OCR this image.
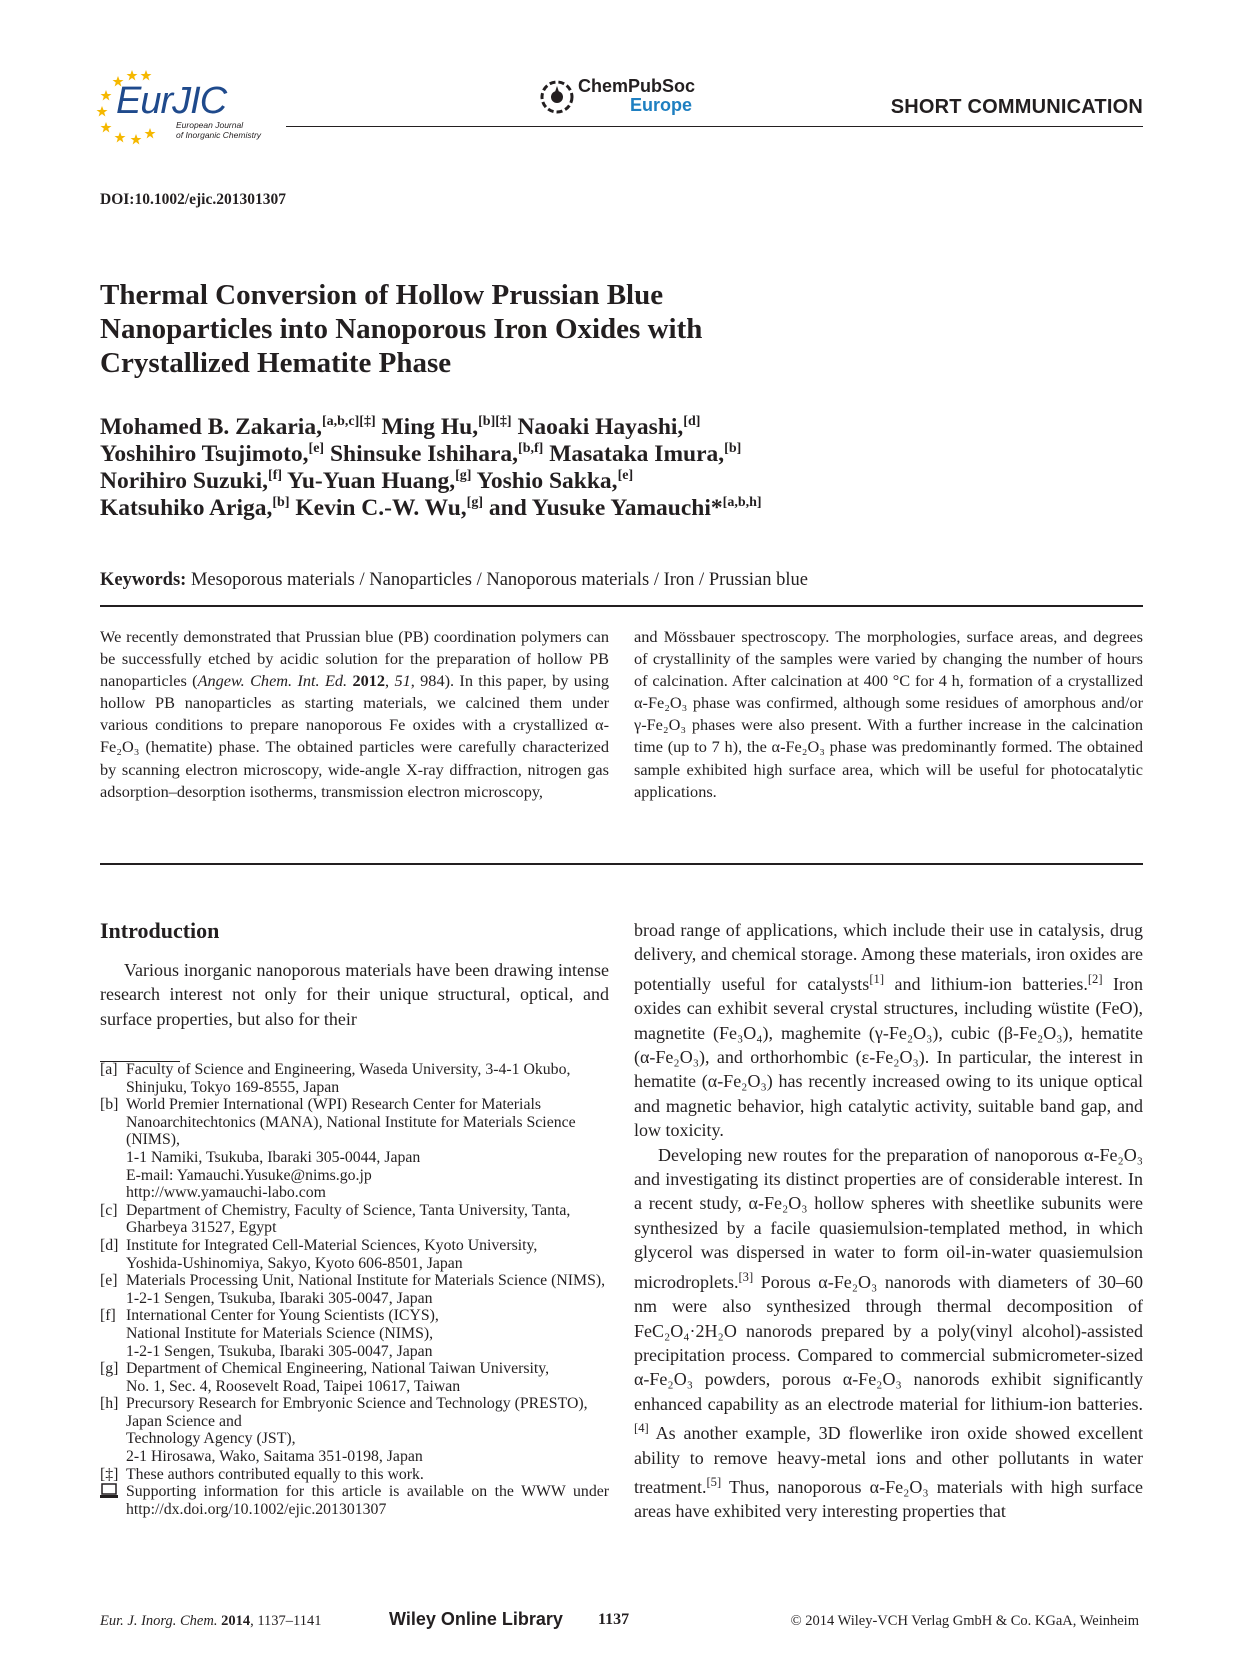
EurJIC
European Journal
of Inorganic Chemistry
ChemPubSoc
Europe	SHORT COMMUNICATION
DOI:10.1002/ejic.201301307
Thermal Conversion of Hollow Prussian Blue Nanoparticles into Nanoporous Iron Oxides with Crystallized Hematite Phase
Mohamed B. Zakaria,[a,b,c][‡] Ming Hu,[b][‡] Naoaki Hayashi,[d]
Yoshihiro Tsujimoto,[e] Shinsuke Ishihara,[b,f] Masataka Imura,[b]
Norihiro Suzuki,[f] Yu-Yuan Huang,[g] Yoshio Sakka,[e]
Katsuhiko Ariga,[b] Kevin C.-W. Wu,[g] and Yusuke Yamauchi*[a,b,h]
Keywords: Mesoporous materials / Nanoparticles / Nanoporous materials / Iron / Prussian blue
We recently demonstrated that Prussian blue (PB) coordination polymers can be successfully etched by acidic solution for the preparation of hollow PB nanoparticles (Angew. Chem. Int. Ed. 2012, 51, 984). In this paper, by using hollow PB nanoparticles as starting materials, we calcined them under various conditions to prepare nanoporous Fe oxides with a crystallized α-Fe₂O₃ (hematite) phase. The obtained particles were carefully characterized by scanning electron microscopy, wide-angle X-ray diffraction, nitrogen gas adsorption–desorption isotherms, transmission electron microscopy,
and Mössbauer spectroscopy. The morphologies, surface areas, and degrees of crystallinity of the samples were varied by changing the number of hours of calcination. After calcination at 400 °C for 4 h, formation of a crystallized α-Fe₂O₃ phase was confirmed, although some residues of amorphous and/or γ-Fe₂O₃ phases were also present. With a further increase in the calcination time (up to 7 h), the α-Fe₂O₃ phase was predominantly formed. The obtained sample exhibited high surface area, which will be useful for photocatalytic applications.
Introduction
Various inorganic nanoporous materials have been drawing intense research interest not only for their unique structural, optical, and surface properties, but also for their

broad range of applications, which include their use in catalysis, drug delivery, and chemical storage. Among these materials, iron oxides are potentially useful for catalysts[1] and lithium-ion batteries.[2] Iron oxides can exhibit several crystal structures, including wüstite (FeO), magnetite (Fe₃O₄), maghemite (γ-Fe₂O₃), cubic (β-Fe₂O₃), hematite (α-Fe₂O₃), and orthorhombic (ε-Fe₂O₃). In particular, the interest in hematite (α-Fe₂O₃) has recently increased owing to its unique optical and magnetic behavior, high catalytic activity, suitable band gap, and low toxicity.

Developing new routes for the preparation of nanoporous α-Fe₂O₃ and investigating its distinct properties are of considerable interest. In a recent study, α-Fe₂O₃ hollow spheres with sheetlike subunits were synthesized by a facile quasiemulsion-templated method, in which glycerol was dispersed in water to form oil-in-water quasiemulsion microdroplets.[3] Porous α-Fe₂O₃ nanorods with diameters of 30–60 nm were also synthesized through thermal decomposition of FeC₂O₄·2H₂O nanorods prepared by a poly(vinyl alcohol)-assisted precipitation process. Compared to commercial submicrometer-sized α-Fe₂O₃ powders, porous α-Fe₂O₃ nanorods exhibit significantly enhanced capability as an electrode material for lithium-ion batteries.[4] As another example, 3D flowerlike iron oxide showed excellent ability to remove heavy-metal ions and other pollutants in water treatment.[5] Thus, nanoporous α-Fe₂O₃ materials with high surface areas have exhibited very interesting properties that

[a] Faculty of Science and Engineering, Waseda University, 3-4-1 Okubo, Shinjuku, Tokyo 169-8555, Japan
[b] World Premier International (WPI) Research Center for Materials Nanoarchitechtonics (MANA), National Institute for Materials Science (NIMS),
1-1 Namiki, Tsukuba, Ibaraki 305-0044, Japan
E-mail: Yamauchi.Yusuke@nims.go.jp
http://www.yamauchi-labo.com
[c] Department of Chemistry, Faculty of Science, Tanta University, Tanta, Gharbeya 31527, Egypt
[d] Institute for Integrated Cell-Material Sciences, Kyoto University,
Yoshida-Ushinomiya, Sakyo, Kyoto 606-8501, Japan
[e] Materials Processing Unit, National Institute for Materials Science (NIMS),
1-2-1 Sengen, Tsukuba, Ibaraki 305-0047, Japan
[f] International Center for Young Scientists (ICYS),
National Institute for Materials Science (NIMS),
1-2-1 Sengen, Tsukuba, Ibaraki 305-0047, Japan
[g] Department of Chemical Engineering, National Taiwan University,
No. 1, Sec. 4, Roosevelt Road, Taipei 10617, Taiwan
[h] Precursory Research for Embryonic Science and Technology (PRESTO), Japan Science and
Technology Agency (JST),
2-1 Hirosawa, Wako, Saitama 351-0198, Japan
[‡] These authors contributed equally to this work.
Supporting information for this article is available on the WWW under http://dx.doi.org/10.1002/ejic.201301307
Eur. J. Inorg. Chem. 2014, 1137–1141	Wiley Online Library 1137	© 2014 Wiley-VCH Verlag GmbH & Co. KGaA, Weinheim
